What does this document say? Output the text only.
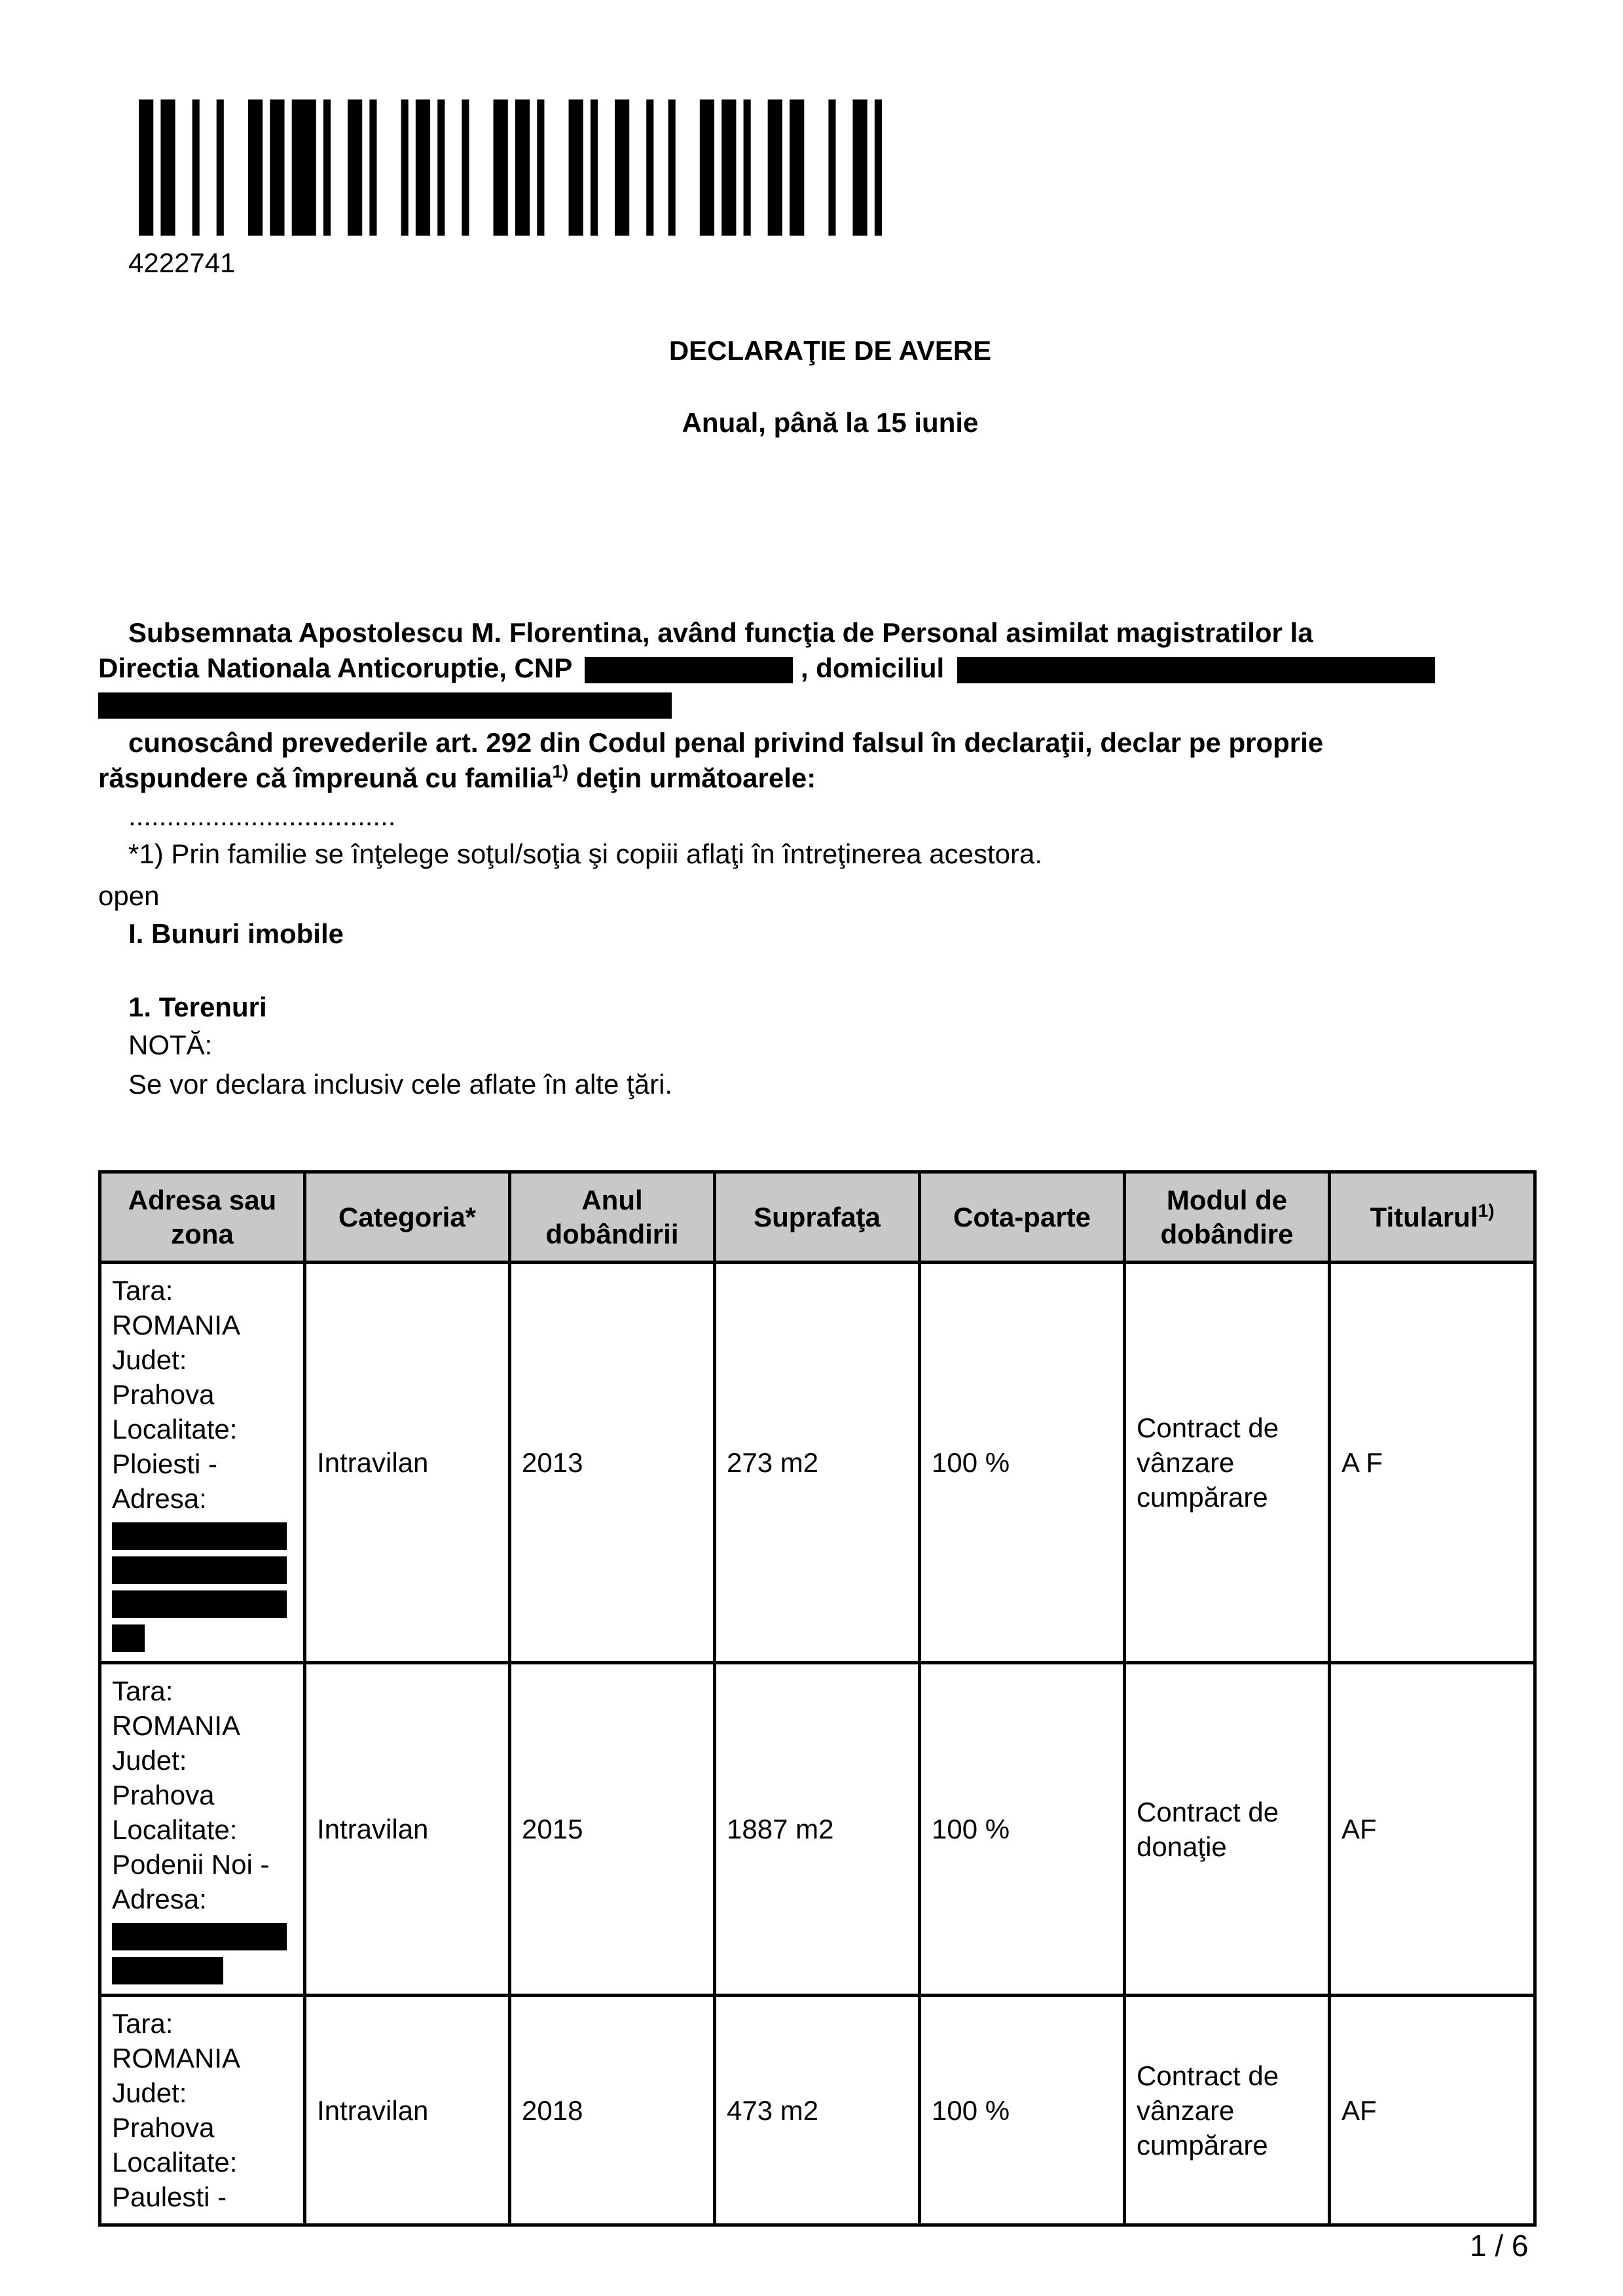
4222741
DECLARAŢIE DE AVERE
Anual, până la 15 iunie
Subsemnata Apostolescu M. Florentina, având funcţia de Personal asimilat magistratilor la
Directia Nationala Anticoruptie, CNP	, domiciliul
cunoscând prevederile art. 292 din Codul penal privind falsul în declaraţii, declar pe proprie
răspundere că împreună cu familia$^{1)}$ deţin următoarele:
...................................
*1) Prin familie se înţelege soţul/soţia şi copiii aflaţi în întreţinerea acestora.
open
I. Bunuri imobile
1. Terenuri
NOTĂ:
Se vor declara inclusiv cele aflate în alte ţări.
Adresa sau zona	Categoria*	Anul dobândirii	Suprafaţa	Cota-parte	Modul de dobândire	Titularul$^{1)}$

Tara: ROMANIA
Judet: Prahova
Localitate: Ploiesti -
Adresa:	Intravilan	2013	273 m2	100 %	Contract de vânzare cumpărare	A F

Tara: ROMANIA
Judet: Prahova
Localitate: Podenii Noi -
Adresa:	Intravilan	2015	1887 m2	100 %	Contract de donaţie	AF

Tara: ROMANIA
Judet: Prahova
Localitate: Paulesti -	Intravilan	2018	473 m2	100 %	Contract de vânzare cumpărare	AF
1 / 6
